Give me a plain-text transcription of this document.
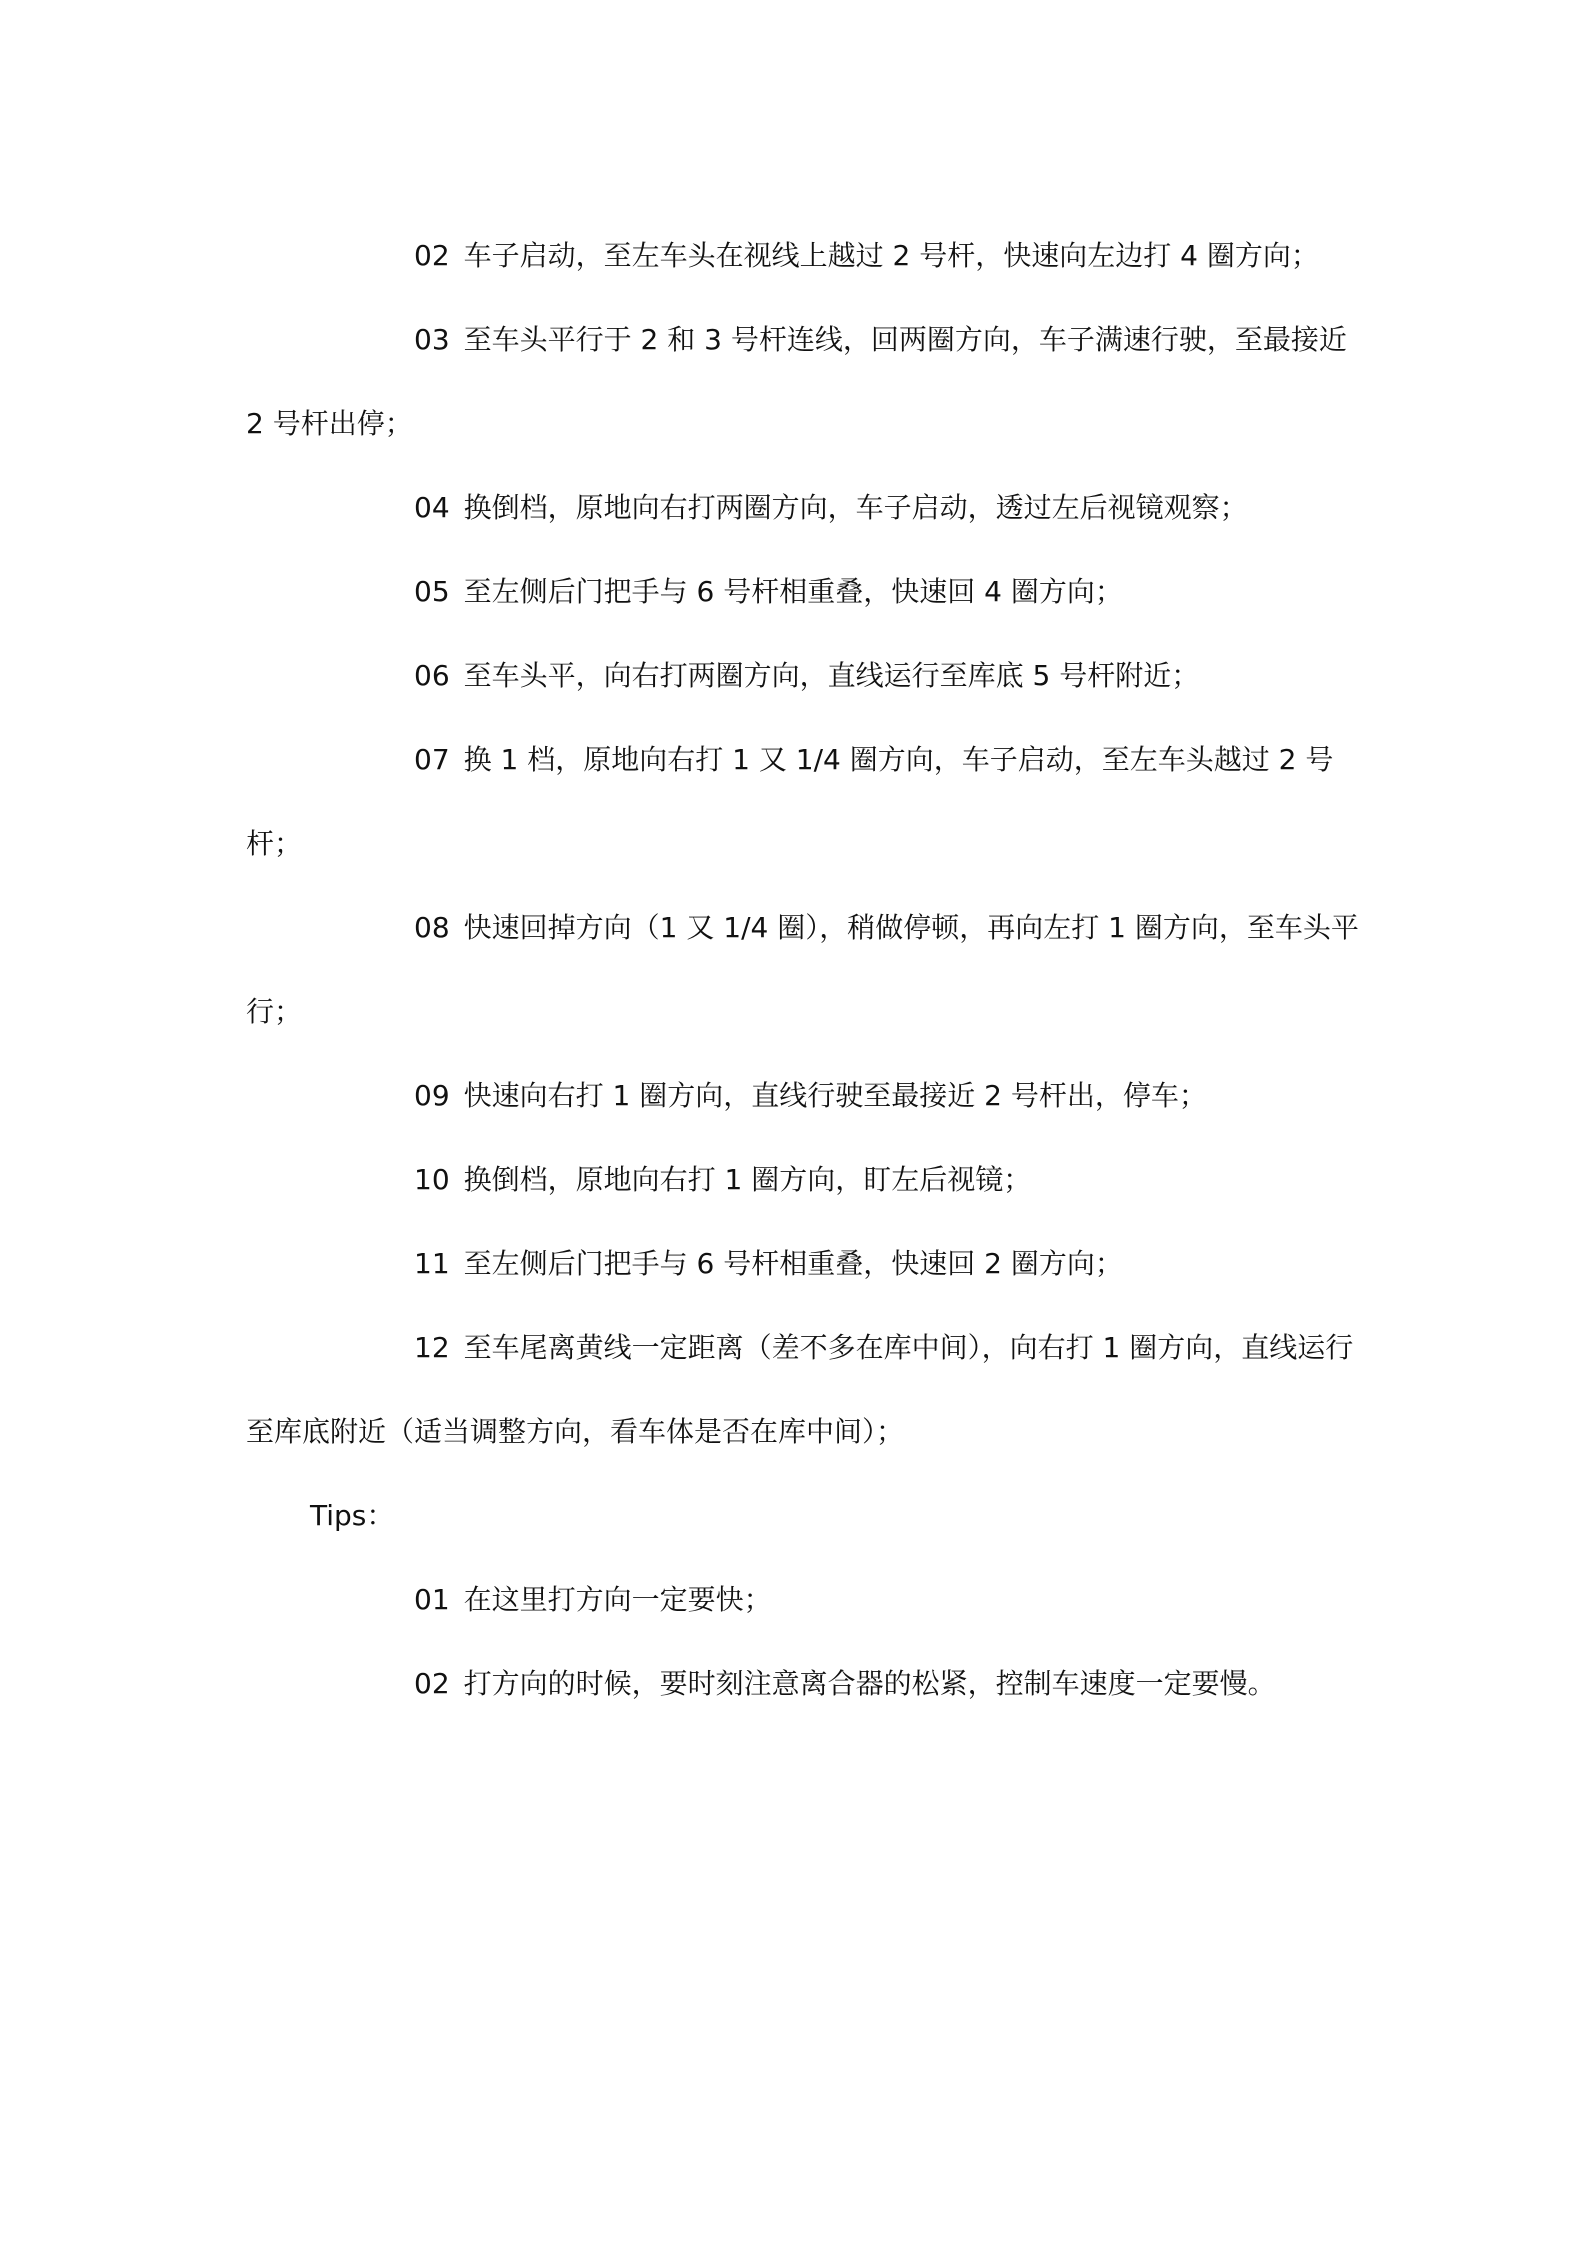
02 车子启动，至左车头在视线上越过 2 号杆，快速向左边打 4 圈方向；

03 至车头平行于 2 和 3 号杆连线，回两圈方向，车子满速行驶，至最接近 2 号杆出停；

04 换倒档，原地向右打两圈方向，车子启动，透过左后视镜观察；

05 至左侧后门把手与 6 号杆相重叠，快速回 4 圈方向；

06 至车头平，向右打两圈方向，直线运行至库底 5 号杆附近；

07 换 1 档，原地向右打 1 又 1/4 圈方向，车子启动，至左车头越过 2 号杆；

08 快速回掉方向（1 又 1/4 圈），稍做停顿，再向左打 1 圈方向，至车头平行；

09 快速向右打 1 圈方向，直线行驶至最接近 2 号杆出，停车；

10 换倒档，原地向右打 1 圈方向，盯左后视镜；

11 至左侧后门把手与 6 号杆相重叠，快速回 2 圈方向；

12 至车尾离黄线一定距离（差不多在库中间），向右打 1 圈方向，直线运行至库底附近（适当调整方向，看车体是否在库中间）；

Tips：

01 在这里打方向一定要快；

02 打方向的时候，要时刻注意离合器的松紧，控制车速度一定要慢。
